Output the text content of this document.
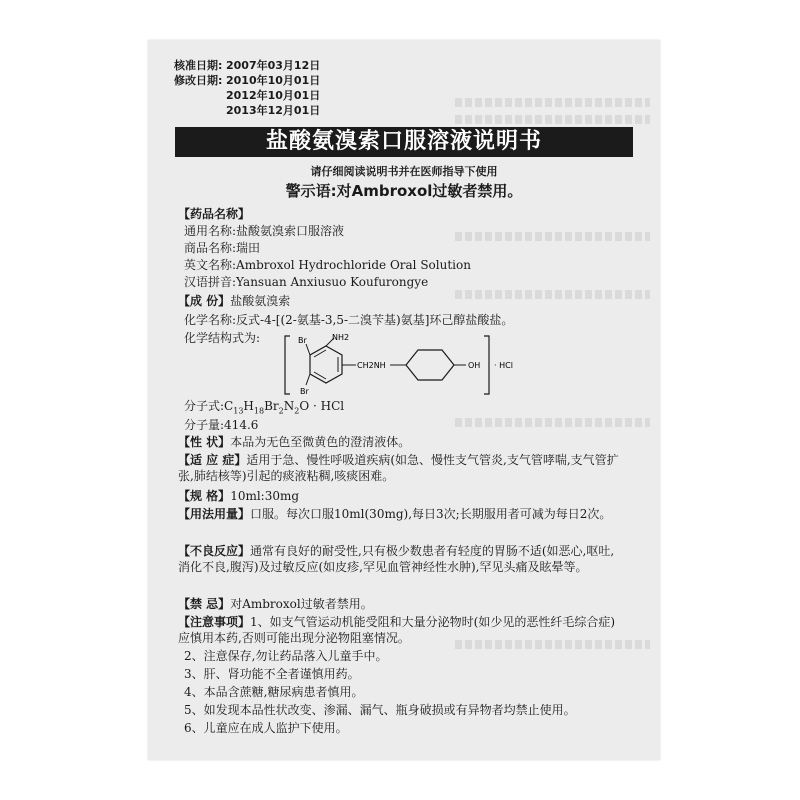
核准日期: 2007年03月12日
修改日期: 2010年10月01日
2012年10月01日
2013年12月01日
盐酸氨溴索口服溶液说明书
请仔细阅读说明书并在医师指导下使用
警示语:对Ambroxol过敏者禁用。
【药品名称】
通用名称:盐酸氨溴索口服溶液
商品名称:瑞田
英文名称:Ambroxol Hydrochloride Oral Solution
汉语拼音:Yansuan Anxiusuo Koufurongye
【成 份】盐酸氨溴索
化学名称:反式-4-[(2-氨基-3,5-二溴苄基)氨基]环己醇盐酸盐。
化学结构式为:	Br	NH2
CH2NH
Br
OH · HCl
分子式$:C_{13}H_{18}Br_2N_2O$ · HCl
分子量:414.6
【性 状】本品为无色至微黄色的澄清液体。
【适 应 症】适用于急、慢性呼吸道疾病(如急、慢性支气管炎,支气管哮喘,支气管扩张,肺结核等)引起的痰液粘稠,咳痰困难。
【规 格】10ml:30mg
【用法用量】口服。每次口服10ml(30mg),每日3次;长期服用者可减为每日2次。
【不良反应】通常有良好的耐受性,只有极少数患者有轻度的胃肠不适(如恶心,呕吐,消化不良,腹泻)及过敏反应(如皮疹,罕见血管神经性水肿),罕见头痛及眩晕等。
【禁 忌】对Ambroxol过敏者禁用。
【注意事项】1、如支气管运动机能受阻和大量分泌物时(如少见的恶性纤毛综合症)应慎用本药,否则可能出现分泌物阻塞情况。
2、注意保存,勿让药品落入儿童手中。
3、肝、肾功能不全者谨慎用药。
4、本品含蔗糖,糖尿病患者慎用。
5、如发现本品性状改变、渗漏、漏气、瓶身破损或有异物者均禁止使用。
6、儿童应在成人监护下使用。
